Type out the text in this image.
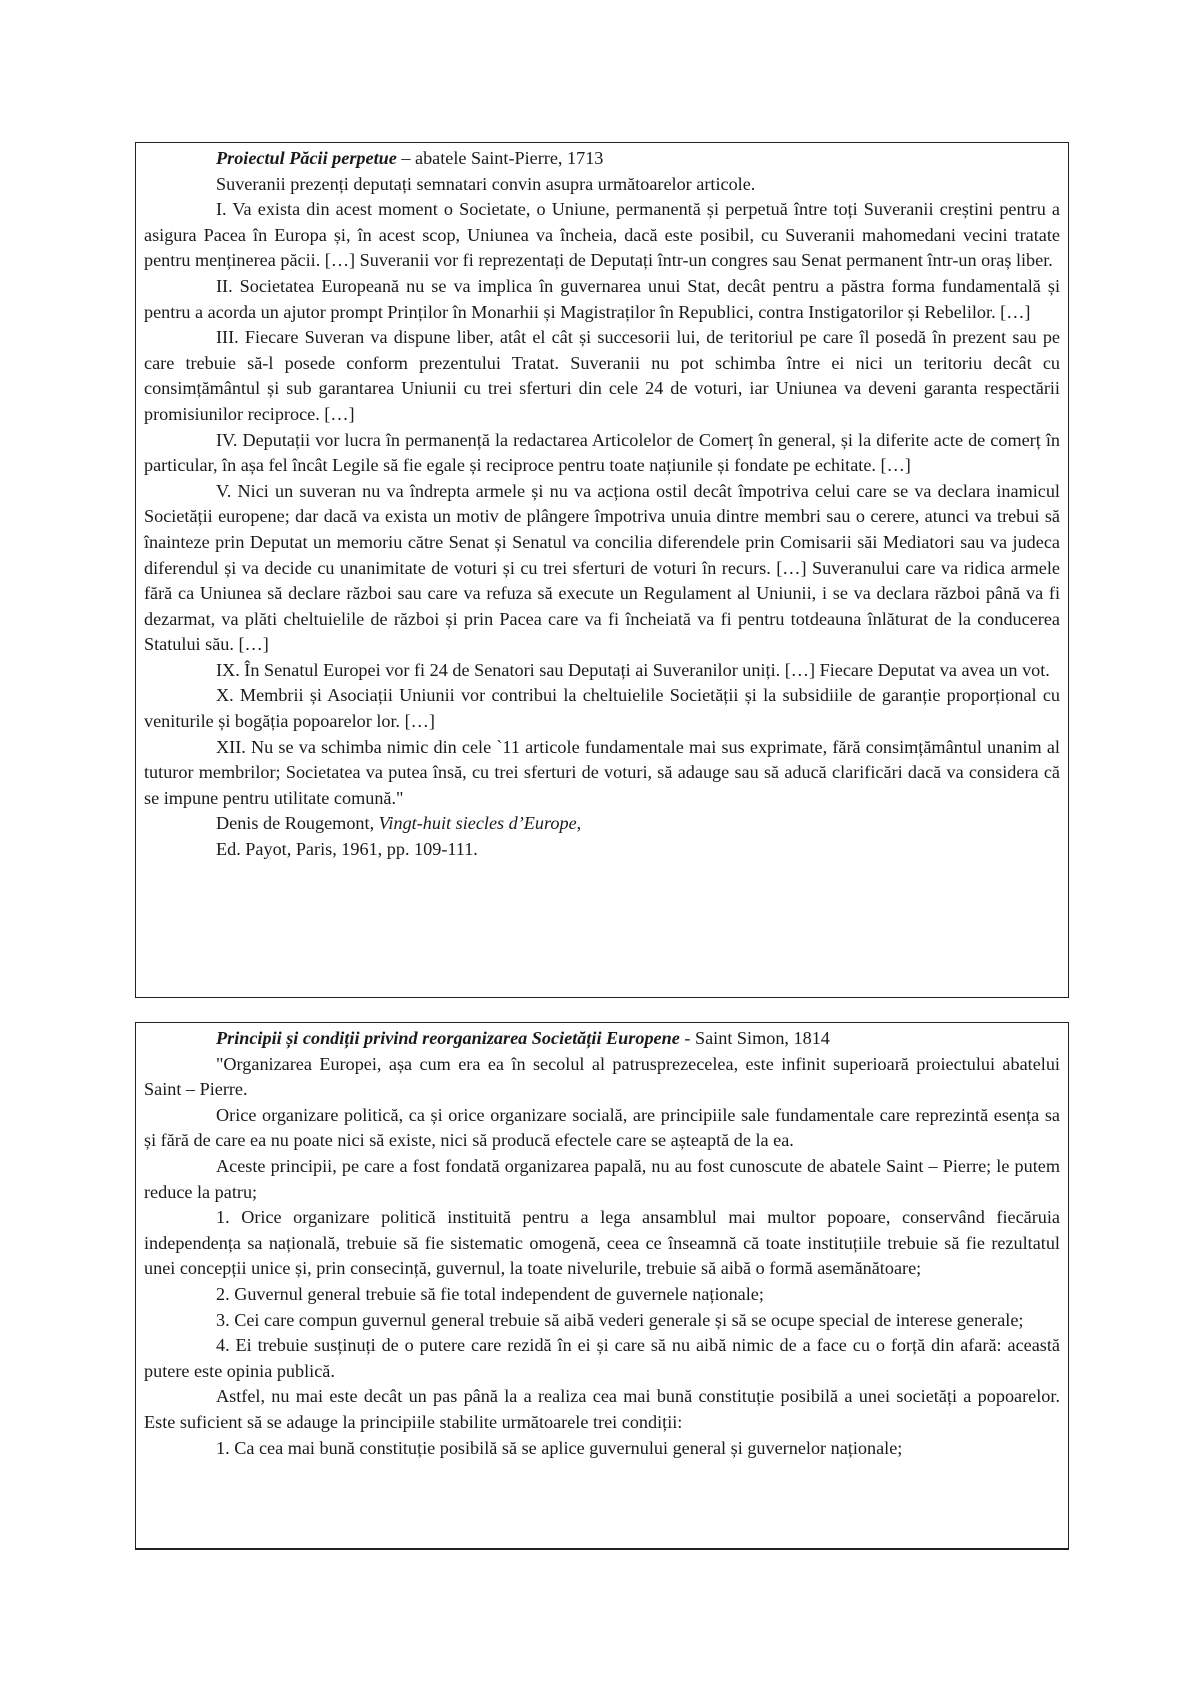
Proiectul Păcii perpetue – abatele Saint-Pierre, 1713

Suveranii prezenți deputați semnatari convin asupra următoarelor articole.

I. Va exista din acest moment o Societate, o Uniune, permanentă și perpetuă între toți Suveranii creștini pentru a asigura Pacea în Europa și, în acest scop, Uniunea va încheia, dacă este posibil, cu Suveranii mahomedani vecini tratate pentru menținerea păcii. […] Suveranii vor fi reprezentați de Deputați într-un congres sau Senat permanent într-un oraș liber.

II. Societatea Europeană nu se va implica în guvernarea unui Stat, decât pentru a păstra forma fundamentală și pentru a acorda un ajutor prompt Prinților în Monarhii și Magistraților în Republici, contra Instigatorilor și Rebelilor. […]

III. Fiecare Suveran va dispune liber, atât el cât și succesorii lui, de teritoriul pe care îl posedă în prezent sau pe care trebuie să-l posede conform prezentului Tratat. Suveranii nu pot schimba între ei nici un teritoriu decât cu consimțământul și sub garantarea Uniunii cu trei sferturi din cele 24 de voturi, iar Uniunea va deveni garanta respectării promisiunilor reciproce. […]

IV. Deputații vor lucra în permanență la redactarea Articolelor de Comerț în general, și la diferite acte de comerț în particular, în așa fel încât Legile să fie egale și reciproce pentru toate națiunile și fondate pe echitate. […]

V. Nici un suveran nu va îndrepta armele și nu va acționa ostil decât împotriva celui care se va declara inamicul Societății europene; dar dacă va exista un motiv de plângere împotriva unuia dintre membri sau o cerere, atunci va trebui să înainteze prin Deputat un memoriu către Senat și Senatul va concilia diferendele prin Comisarii săi Mediatori sau va judeca diferendul și va decide cu unanimitate de voturi și cu trei sferturi de voturi în recurs. […] Suveranului care va ridica armele fără ca Uniunea să declare război sau care va refuza să execute un Regulament al Uniunii, i se va declara război până va fi dezarmat, va plăti cheltuielile de război și prin Pacea care va fi încheiată va fi pentru totdeauna înlăturat de la conducerea Statului său. […]

IX. În Senatul Europei vor fi 24 de Senatori sau Deputați ai Suveranilor uniți. […] Fiecare Deputat va avea un vot.

X. Membrii și Asociații Uniunii vor contribui la cheltuielile Societății și la subsidiile de garanție proporțional cu veniturile și bogăția popoarelor lor. […]

XII. Nu se va schimba nimic din cele `11 articole fundamentale mai sus exprimate, fără consimțământul unanim al tuturor membrilor; Societatea va putea însă, cu trei sferturi de voturi, să adauge sau să aducă clarificări dacă va considera că se impune pentru utilitate comună."

Denis de Rougemont, Vingt-huit siecles d’Europe,

Ed. Payot, Paris, 1961, pp. 109-111.

Principii și condiții privind reorganizarea Societății Europene - Saint Simon, 1814

"Organizarea Europei, așa cum era ea în secolul al patrusprezecelea, este infinit superioară proiectului abatelui Saint – Pierre.

Orice organizare politică, ca și orice organizare socială, are principiile sale fundamentale care reprezintă esența sa și fără de care ea nu poate nici să existe, nici să producă efectele care se așteaptă de la ea.

Aceste principii, pe care a fost fondată organizarea papală, nu au fost cunoscute de abatele Saint – Pierre; le putem reduce la patru;

1. Orice organizare politică instituită pentru a lega ansamblul mai multor popoare, conservând fiecăruia independența sa națională, trebuie să fie sistematic omogenă, ceea ce înseamnă că toate instituțiile trebuie să fie rezultatul unei concepții unice și, prin consecință, guvernul, la toate nivelurile, trebuie să aibă o formă asemănătoare;

2. Guvernul general trebuie să fie total independent de guvernele naționale;

3. Cei care compun guvernul general trebuie să aibă vederi generale și să se ocupe special de interese generale;

4. Ei trebuie susținuți de o putere care rezidă în ei și care să nu aibă nimic de a face cu o forță din afară: această putere este opinia publică.

Astfel, nu mai este decât un pas până la a realiza cea mai bună constituție posibilă a unei societăți a popoarelor. Este suficient să se adauge la principiile stabilite următoarele trei condiții:

1. Ca cea mai bună constituție posibilă să se aplice guvernului general și guvernelor naționale;
